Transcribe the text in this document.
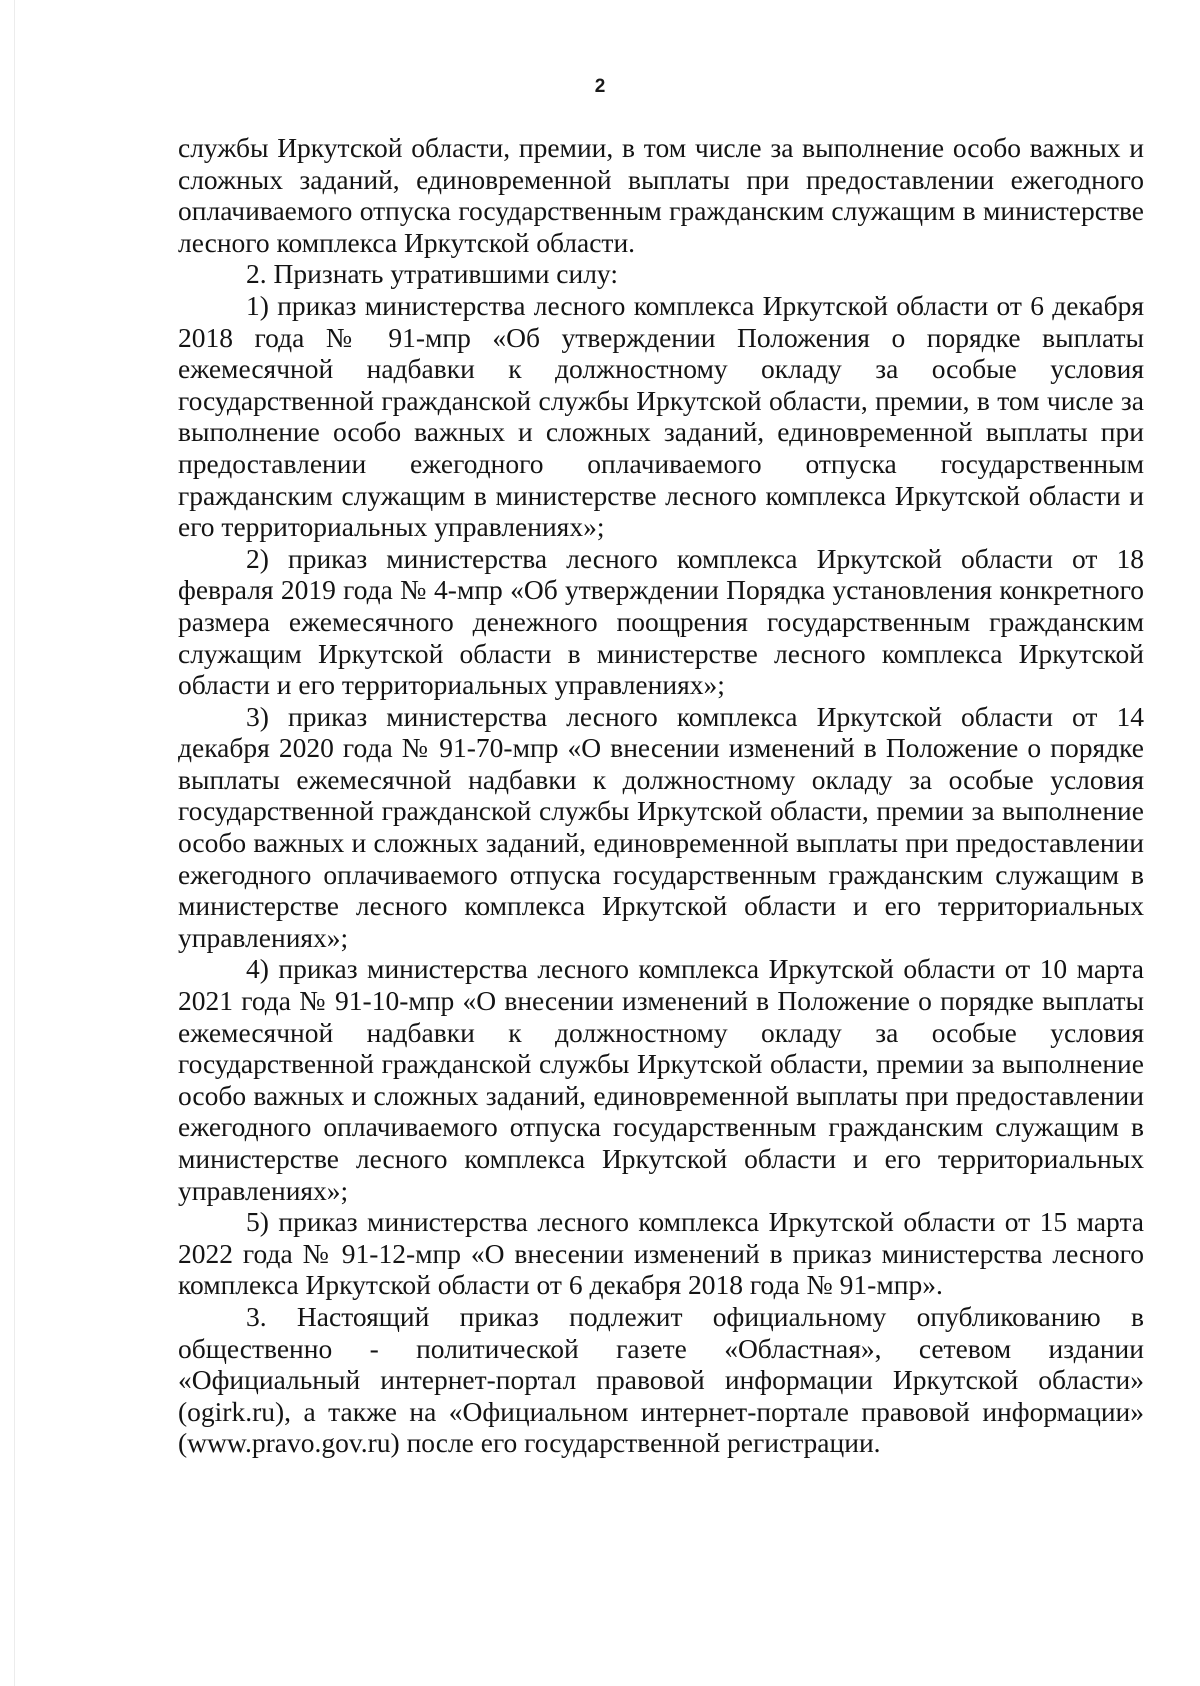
2

службы Иркутской области, премии, в том числе за выполнение особо важных и сложных заданий, единовременной выплаты при предоставлении ежегодного оплачиваемого отпуска государственным гражданским служащим в министерстве лесного комплекса Иркутской области.

2. Признать утратившими силу:

1) приказ министерства лесного комплекса Иркутской области от 6 декабря 2018 года № 91-мпр «Об утверждении Положения о порядке выплаты ежемесячной надбавки к должностному окладу за особые условия государственной гражданской службы Иркутской области, премии, в том числе за выполнение особо важных и сложных заданий, единовременной выплаты при предоставлении ежегодного оплачиваемого отпуска государственным гражданским служащим в министерстве лесного комплекса Иркутской области и его территориальных управлениях»;

2) приказ министерства лесного комплекса Иркутской области от 18 февраля 2019 года № 4-мпр «Об утверждении Порядка установления конкретного размера ежемесячного денежного поощрения государственным гражданским служащим Иркутской области в министерстве лесного комплекса Иркутской области и его территориальных управлениях»;

3) приказ министерства лесного комплекса Иркутской области от 14 декабря 2020 года № 91-70-мпр «О внесении изменений в Положение о порядке выплаты ежемесячной надбавки к должностному окладу за особые условия государственной гражданской службы Иркутской области, премии за выполнение особо важных и сложных заданий, единовременной выплаты при предоставлении ежегодного оплачиваемого отпуска государственным гражданским служащим в министерстве лесного комплекса Иркутской области и его территориальных управлениях»;

4) приказ министерства лесного комплекса Иркутской области от 10 марта 2021 года № 91-10-мпр «О внесении изменений в Положение о порядке выплаты ежемесячной надбавки к должностному окладу за особые условия государственной гражданской службы Иркутской области, премии за выполнение особо важных и сложных заданий, единовременной выплаты при предоставлении ежегодного оплачиваемого отпуска государственным гражданским служащим в министерстве лесного комплекса Иркутской области и его территориальных управлениях»;

5) приказ министерства лесного комплекса Иркутской области от 15 марта 2022 года № 91-12-мпр «О внесении изменений в приказ министерства лесного комплекса Иркутской области от 6 декабря 2018 года № 91-мпр».

3. Настоящий приказ подлежит официальному опубликованию в общественно - политической газете «Областная», сетевом издании «Официальный интернет-портал правовой информации Иркутской области» (ogirk.ru), а также на «Официальном интернет-портале правовой информации» (www.pravo.gov.ru) после его государственной регистрации.
